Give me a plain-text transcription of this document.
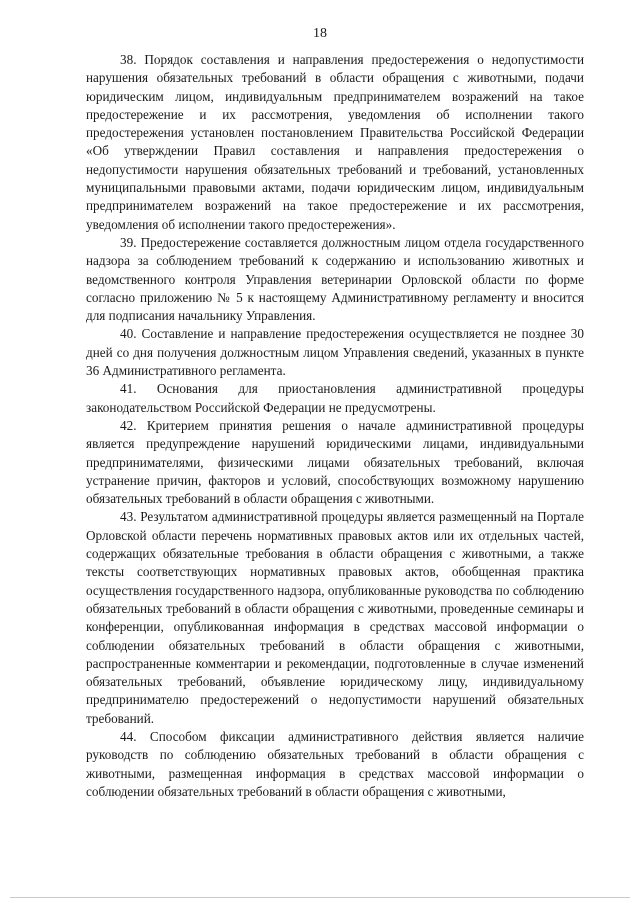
18

38. Порядок составления и направления предостережения о недопустимости нарушения обязательных требований в области обращения с животными, подачи юридическим лицом, индивидуальным предпринимателем возражений на такое предостережение и их рассмотрения, уведомления об исполнении такого предостережения установлен постановлением Правительства Российской Федерации «Об утверждении Правил составления и направления предостережения о недопустимости нарушения обязательных требований и требований, установленных муниципальными правовыми актами, подачи юридическим лицом, индивидуальным предпринимателем возражений на такое предостережение и их рассмотрения, уведомления об исполнении такого предостережения».

39. Предостережение составляется должностным лицом отдела государственного надзора за соблюдением требований к содержанию и использованию животных и ведомственного контроля Управления ветеринарии Орловской области по форме согласно приложению № 5 к настоящему Административному регламенту и вносится для подписания начальнику Управления.

40. Составление и направление предостережения осуществляется не позднее 30 дней со дня получения должностным лицом Управления сведений, указанных в пункте 36 Административного регламента.

41. Основания для приостановления административной процедуры законодательством Российской Федерации не предусмотрены.

42. Критерием принятия решения о начале административной процедуры является предупреждение нарушений юридическими лицами, индивидуальными предпринимателями, физическими лицами обязательных требований, включая устранение причин, факторов и условий, способствующих возможному нарушению обязательных требований в области обращения с животными.

43. Результатом административной процедуры является размещенный на Портале Орловской области перечень нормативных правовых актов или их отдельных частей, содержащих обязательные требования в области обращения с животными, а также тексты соответствующих нормативных правовых актов, обобщенная практика осуществления государственного надзора, опубликованные руководства по соблюдению обязательных требований в области обращения с животными, проведенные семинары и конференции, опубликованная информация в средствах массовой информации о соблюдении обязательных требований в области обращения с животными, распространенные комментарии и рекомендации, подготовленные в случае изменений обязательных требований, объявление юридическому лицу, индивидуальному предпринимателю предостережений о недопустимости нарушений обязательных требований.

44. Способом фиксации административного действия является наличие руководств по соблюдению обязательных требований в области обращения с животными, размещенная информация в средствах массовой информации о соблюдении обязательных требований в области обращения с животными,
